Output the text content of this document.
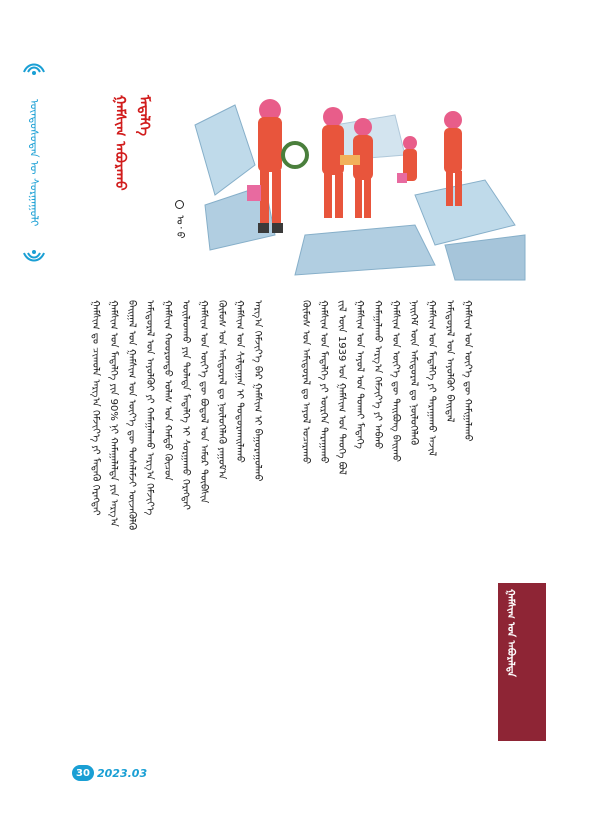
ᠦᠨᠳᠦᠰᠦᠲᠡᠨ ᠦ ᠰᠤᠷᠭᠠᠭᠤᠯᠢ	ᠭᠠᠮᠰᠢᠭ ᠠᠪᠤᠷᠠᠬᠤ ᠮᠡᠳᠡᠯᠭᠡ
ᠤ᠂ ᠪ
ᠭᠠᠮᠰᠢᠭ ᠳᠤ ᠴᠢᠬᠤᠯᠠ ᠠᠷᠭ᠎ᠠ ᠬᠡᠮᠵᠢᠶ᠎ᠡ ᠶᠢ ᠮᠡᠳᠡᠬᠦ ᠬᠡᠷᠡᠭᠲᠡᠢ ᠭᠠᠮᠰᠢᠭ ᠤᠨ ᠮᠡᠳᠡᠯᠭᠡ ᠶᠢᠨ 90% ᠨᠢ ᠬᠠᠮᠠᠭᠠᠯᠠᠯᠲᠠ ᠶᠢᠨ ᠠᠷᠭ᠎ᠠ ᠪᠠᠢᠭᠠᠯ ᠤᠨ ᠭᠠᠮᠰᠢᠭ ᠤᠨ ᠦᠶ᠎ᠡ ᠳᠦ ᠲᠤᠰᠠᠯᠠᠮᠵᠢ ᠦᠵᠡᠭᠦᠯᠬᠦ ᠠᠮᠢᠳᠤᠷᠠᠯ ᠤᠨ ᠠᠶᠤᠯᠭᠦᠢ ᠶᠢ ᠬᠠᠮᠠᠭᠠᠯᠠᠬᠤ ᠠᠷᠭ᠎ᠠ ᠬᠡᠮᠵᠢᠶ᠎ᠡ ᠭᠠᠮᠰᠢᠭ ᠬᠣᠣᠷᠤᠨᠳᠤ ᠤᠯᠠᠰ ᠤᠨ ᠬᠠᠮᠲᠤ ᠬᠦᠴᠦᠨ ᠤᠢᠯᠠᠳᠬᠤ ᠶᠢᠨ ᠲᠤᠯᠠᠳᠠ ᠮᠡᠳᠡᠯᠭᠡ ᠢ ᠰᠤᠷᠭᠠᠬᠤ ᠬᠡᠷᠡᠭᠲᠡᠢ ᠭᠠᠮᠰᠢᠭ ᠤᠨ ᠦᠶ᠎ᠡ ᠳᠦ ᠪᠣᠳᠣᠯ ᠤᠨ ᠠᠮᠤᠷ ᠲᠦᠪᠰᠢᠨ ᠬᠦᠮᠦᠰ ᠤᠨ ᠠᠮᠢᠳᠤᠷᠠᠯ ᠳᠤ ᠨᠦᠯᠦᠭᠡᠯᠡᠬᠦ ᠶᠠᠭᠤᠮ᠎ᠠ ᠭᠠᠮᠰᠢᠭ ᠤᠨ ᠰᠢᠯᠲᠠᠭᠠᠨ ᠢ ᠲᠣᠳᠣᠷᠬᠠᠢᠯᠠᠬᠤ ᠠᠷᠭ᠎ᠠ ᠬᠡᠮᠵᠢᠶ᠎ᠡ ᠪᠠᠷ ᠭᠠᠮᠰᠢᠭ ᠢ ᠪᠠᠭᠤᠷᠠᠭᠤᠯᠬᠤ	ᠬᠦᠮᠦᠰ ᠤᠨ ᠠᠮᠢᠳᠤᠷᠠᠯ ᠳᠤ ᠠᠶᠤᠯ ᠤᠴᠠᠷᠠᠬᠤ ᠭᠠᠮᠰᠢᠭ ᠤᠨ ᠮᠡᠳᠡᠯᠭᠡ ᠶᠢ ᠦᠷᠭᠡᠨ ᠲᠠᠷᠠᠭᠠᠬᠤ ᠵᠢᠯ ᠦᠨ 1939 ᠤᠨ ᠭᠠᠮᠰᠢᠭ ᠤᠨ ᠲᠡᠦᠬᠡ ᠪᠣᠯ ᠭᠠᠮᠰᠢᠭ ᠤᠨ ᠠᠶᠤᠯ ᠤᠨ ᠲᠤᠬᠠᠢ ᠮᠡᠳᠡᠭᠡ ᠬᠠᠮᠠᠭᠠᠯᠠᠬᠤ ᠠᠷᠭ᠎ᠠ ᠬᠡᠮᠵᠢᠶ᠎ᠡ ᠶᠢ ᠠᠪᠬᠤ ᠭᠠᠮᠰᠢᠭ ᠤᠨ ᠦᠶ᠎ᠡ ᠳᠦ ᠲᠠᠢᠪᠤᠩ ᠪᠠᠢᠬᠤ ᠨᠡᠢᠭᠡᠮ ᠦᠨ ᠠᠮᠢᠳᠤᠷᠠᠯ ᠳᠤ ᠨᠦᠯᠦᠭᠡᠯᠡᠬᠦ ᠭᠠᠮᠰᠢᠭ ᠤᠨ ᠮᠡᠳᠡᠯᠭᠡ ᠶᠢ ᠲᠠᠷᠠᠭᠠᠬᠤ ᠠᠵᠢᠯ ᠠᠮᠢᠳᠤᠷᠠᠯ ᠤᠨ ᠠᠶᠤᠯᠭᠦᠢ ᠪᠠᠢᠳᠠᠯ ᠭᠠᠮᠰᠢᠭ ᠤᠨ ᠦᠶ᠎ᠡ ᠳᠦ ᠬᠠᠮᠢᠭᠠᠯᠠᠬᠤ
ᠭᠠᠮᠰᠢᠭ ᠤᠨ ᠠᠪᠤᠷᠠᠯᠲᠠ
30 2023.03
